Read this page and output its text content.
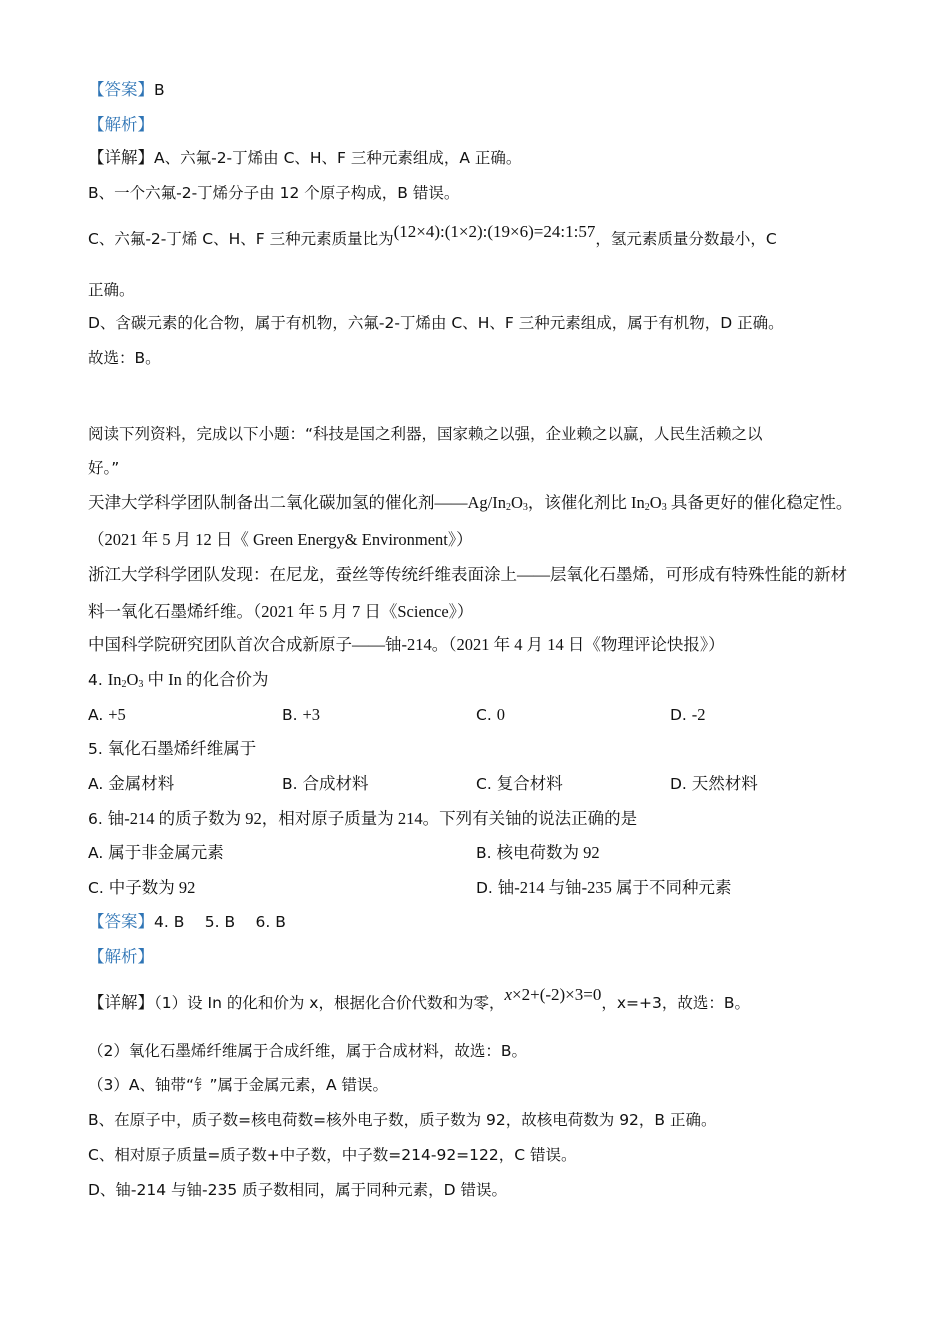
【答案】B
【解析】
【详解】A、六氟-2-丁烯由 C、H、F 三种元素组成，A 正确。
B、一个六氟-2-丁烯分子由 12 个原子构成，B 错误。
C、六氟-2-丁烯 C、H、F 三种元素质量比为(12×4):(1×2):(19×6)=24:1:57，氢元素质量分数最小，C
正确。
D、含碳元素的化合物，属于有机物，六氟-2-丁烯由 C、H、F 三种元素组成，属于有机物，D 正确。
故选：B。
阅读下列资料，完成以下小题：“科技是国之利器，国家赖之以强，企业赖之以赢，人民生活赖之以
好。”
天津大学科学团队制备出二氧化碳加氢的催化剂$——Ag/In_2O_3$，该催化剂比 $In_2O_3$ 具备更好的催化稳定性。
（2021 年 5 月 12 日《 Green Energy& Environment》）
浙江大学科学团队发现：在尼龙，蚕丝等传统纤维表面涂上——层氧化石墨烯，可形成有特殊性能的新材
料一氧化石墨烯纤维。（2021 年 5 月 7 日《Science》）
中国科学院研究团队首次合成新原子——铀-214。（2021 年 4 月 14 日《物理评论快报》）
4. $In_2O_3$ 中 In 的化合价为
A. +5	B. +3	C. 0	D. -2
5. 氧化石墨烯纤维属于
A. 金属材料	B. 合成材料	C. 复合材料	D. 天然材料
6. 铀-214 的质子数为 92，相对原子质量为 214。下列有关铀的说法正确的是
A. 属于非金属元素	B. 核电荷数为 92
C. 中子数为 92	D. 铀-214 与铀-235 属于不同种元素
【答案】4. B　 5. B　 6. B
【解析】
【详解】（1）设 In 的化和价为 x，根据化合价代数和为零，x×2+(-2)×3=0，x=+3，故选：B。
（2）氧化石墨烯纤维属于合成纤维，属于合成材料，故选：B。
（3）A、铀带“钅”属于金属元素，A 错误。
B、在原子中，质子数=核电荷数=核外电子数，质子数为 92，故核电荷数为 92，B 正确。
C、相对原子质量=质子数+中子数，中子数=214-92=122，C 错误。
D、铀-214 与铀-235 质子数相同，属于同种元素，D 错误。
